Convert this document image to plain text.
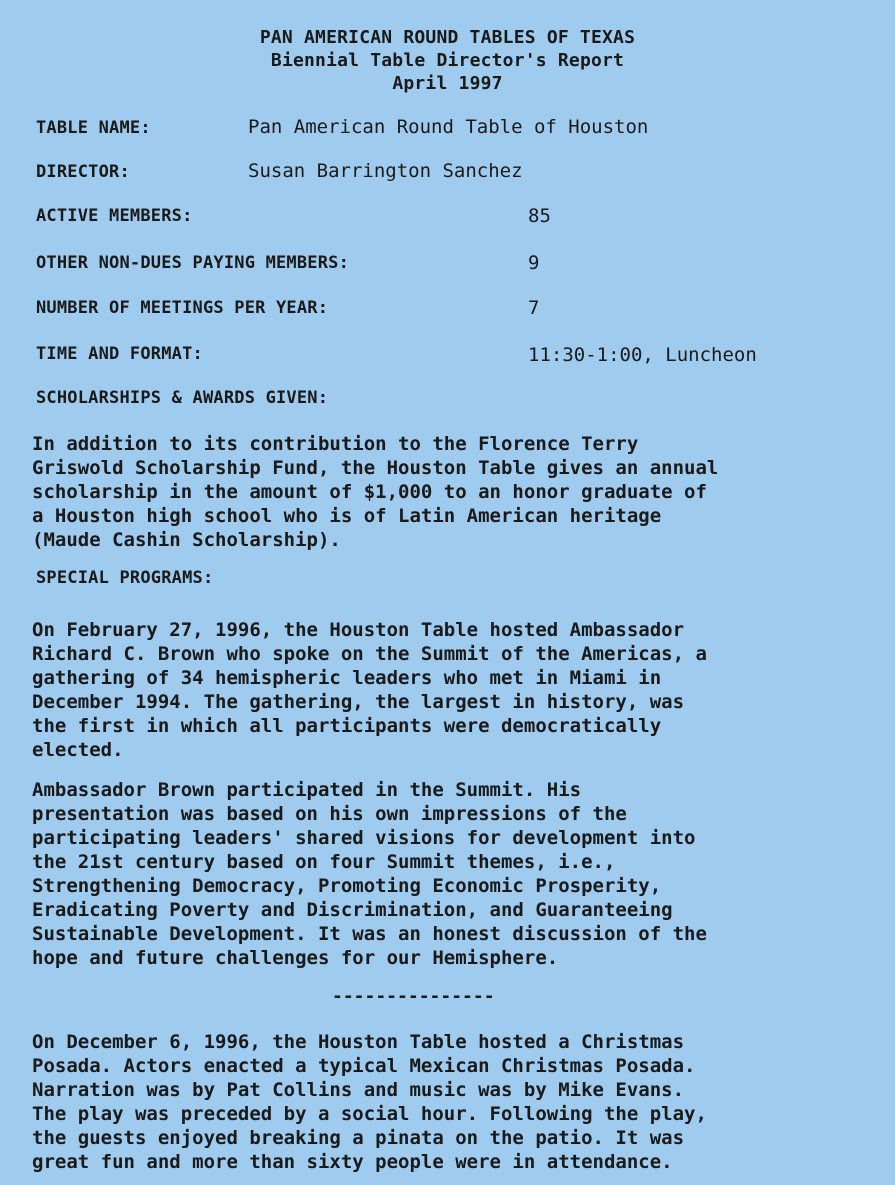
PAN AMERICAN ROUND TABLES OF TEXAS
Biennial Table Director's Report
April 1997
TABLE NAME:	Pan American Round Table of Houston
DIRECTOR:	Susan Barrington Sanchez
ACTIVE MEMBERS:	85
OTHER NON-DUES PAYING MEMBERS:	9
NUMBER OF MEETINGS PER YEAR:	7
TIME AND FORMAT:	11:30-1:00, Luncheon
SCHOLARSHIPS & AWARDS GIVEN:

In addition to its contribution to the Florence Terry
Griswold Scholarship Fund, the Houston Table gives an annual
scholarship in the amount of $1,000 to an honor graduate of
a Houston high school who is of Latin American heritage
(Maude Cashin Scholarship).

SPECIAL PROGRAMS:

On February 27, 1996, the Houston Table hosted Ambassador
Richard C. Brown who spoke on the Summit of the Americas, a
gathering of 34 hemispheric leaders who met in Miami in
December 1994. The gathering, the largest in history, was
the first in which all participants were democratically
elected.

Ambassador Brown participated in the Summit. His
presentation was based on his own impressions of the
participating leaders' shared visions for development into
the 21st century based on four Summit themes, i.e.,
Strengthening Democracy, Promoting Economic Prosperity,
Eradicating Poverty and Discrimination, and Guaranteeing
Sustainable Development. It was an honest discussion of the
hope and future challenges for our Hemisphere.

---------------

On December 6, 1996, the Houston Table hosted a Christmas
Posada. Actors enacted a typical Mexican Christmas Posada.
Narration was by Pat Collins and music was by Mike Evans.
The play was preceded by a social hour. Following the play,
the guests enjoyed breaking a pinata on the patio. It was
great fun and more than sixty people were in attendance.
